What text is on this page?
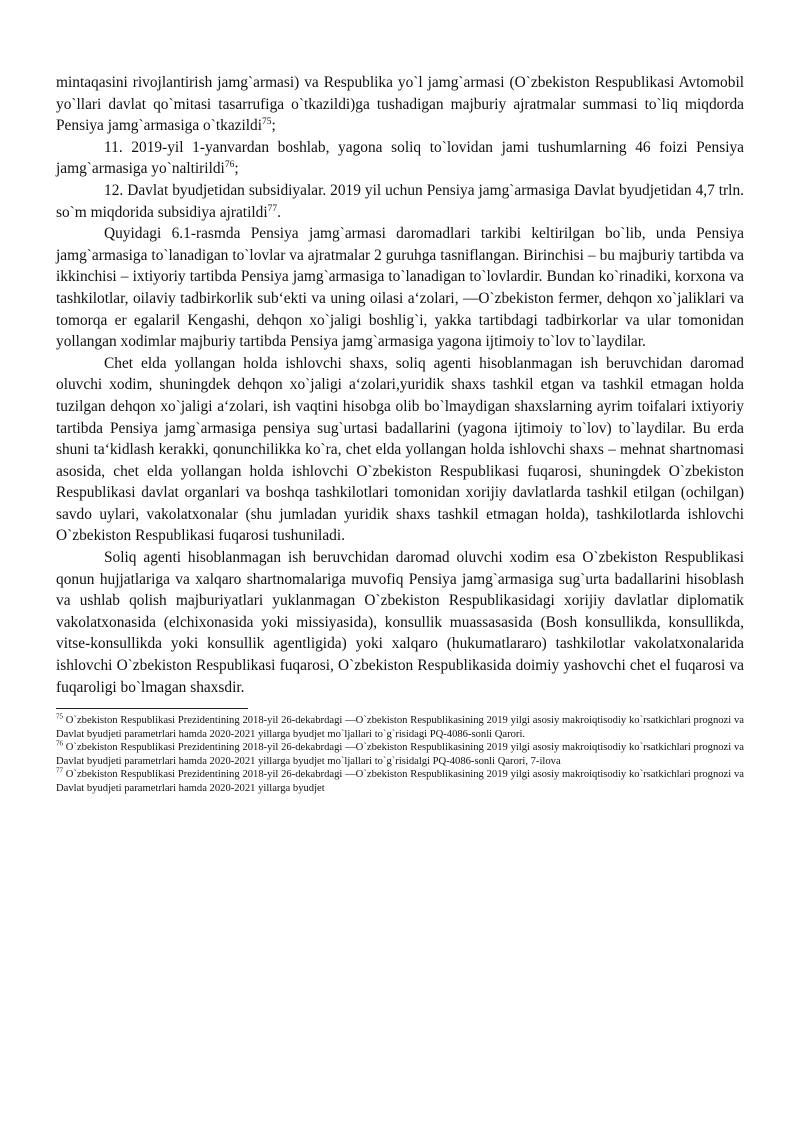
mintaqasini rivojlantirish jamg`armasi) va Respublika yo`l jamg`armasi (O`zbekiston Respublikasi Avtomobil yo`llari davlat qo`mitasi tasarrufiga o`tkazildi)ga tushadigan majburiy ajratmalar summasi to`liq miqdorda Pensiya jamg`armasiga o`tkazildi$^{75}$;

11. 2019-yil 1-yanvardan boshlab, yagona soliq to`lovidan jami tushumlarning 46 foizi Pensiya jamg`armasiga yo`naltirildi$^{76}$;

12. Davlat byudjetidan subsidiyalar. 2019 yil uchun Pensiya jamg`armasiga Davlat byudjetidan 4,7 trln. so`m miqdorida subsidiya ajratildi$^{77}$.

Quyidagi 6.1-rasmda Pensiya jamg`armasi daromadlari tarkibi keltirilgan bo`lib, unda Pensiya jamg`armasiga to`lanadigan to`lovlar va ajratmalar 2 guruhga tasniflangan. Birinchisi – bu majburiy tartibda va ikkinchisi – ixtiyoriy tartibda Pensiya jamg`armasiga to`lanadigan to`lovlardir. Bundan ko`rinadiki, korxona va tashkilotlar, oilaviy tadbirkorlik sub‘ekti va uning oilasi a‘zolari, ―O`zbekiston fermer, dehqon xo`jaliklari va tomorqa er egalari‖ Kengashi, dehqon xo`jaligi boshlig`i, yakka tartibdagi tadbirkorlar va ular tomonidan yollangan xodimlar majburiy tartibda Pensiya jamg`armasiga yagona ijtimoiy to`lov to`laydilar.

Chet elda yollangan holda ishlovchi shaxs, soliq agenti hisoblanmagan ish beruvchidan daromad oluvchi xodim, shuningdek dehqon xo`jaligi a‘zolari,yuridik shaxs tashkil etgan va tashkil etmagan holda tuzilgan dehqon xo`jaligi a‘zolari, ish vaqtini hisobga olib bo`lmaydigan shaxslarning ayrim toifalari ixtiyoriy tartibda Pensiya jamg`armasiga pensiya sug`urtasi badallarini (yagona ijtimoiy to`lov) to`laydilar. Bu erda shuni ta‘kidlash kerakki, qonunchilikka ko`ra, chet elda yollangan holda ishlovchi shaxs – mehnat shartnomasi asosida, chet elda yollangan holda ishlovchi O`zbekiston Respublikasi fuqarosi, shuningdek O`zbekiston Respublikasi davlat organlari va boshqa tashkilotlari tomonidan xorijiy davlatlarda tashkil etilgan (ochilgan) savdo uylari, vakolatxonalar (shu jumladan yuridik shaxs tashkil etmagan holda), tashkilotlarda ishlovchi O`zbekiston Respublikasi fuqarosi tushuniladi.

Soliq agenti hisoblanmagan ish beruvchidan daromad oluvchi xodim esa O`zbekiston Respublikasi qonun hujjatlariga va xalqaro shartnomalariga muvofiq Pensiya jamg`armasiga sug`urta badallarini hisoblash va ushlab qolish majburiyatlari yuklanmagan O`zbekiston Respublikasidagi xorijiy davlatlar diplomatik vakolatxonasida (elchixonasida yoki missiyasida), konsullik muassasasida (Bosh konsullikda, konsullikda, vitse-konsullikda yoki konsullik agentligida) yoki xalqaro (hukumatlararo) tashkilotlar vakolatxonalarida ishlovchi O`zbekiston Respublikasi fuqarosi, O`zbekiston Respublikasida doimiy yashovchi chet el fuqarosi va fuqaroligi bo`lmagan shaxsdir.

$^{75}$ O`zbekiston Respublikasi Prezidentining 2018-yil 26-dekabrdagi ―O`zbekiston Respublikasining 2019 yilgi asosiy makroiqtisodiy ko`rsatkichlari prognozi va Davlat byudjeti parametrlari hamda 2020-2021 yillarga byudjet mo`ljallari to`g`risidagi PQ-4086-sonli Qarori.

$^{76}$ O`zbekiston Respublikasi Prezidentining 2018-yil 26-dekabrdagi ―O`zbekiston Respublikasining 2019 yilgi asosiy makroiqtisodiy ko`rsatkichlari prognozi va Davlat byudjeti parametrlari hamda 2020-2021 yillarga byudjet mo`ljallari to`g`risidalgi PQ-4086-sonli Qarori, 7-ilova

$^{77}$ O`zbekiston Respublikasi Prezidentining 2018-yil 26-dekabrdagi ―O`zbekiston Respublikasining 2019 yilgi asosiy makroiqtisodiy ko`rsatkichlari prognozi va Davlat byudjeti parametrlari hamda 2020-2021 yillarga byudjet
